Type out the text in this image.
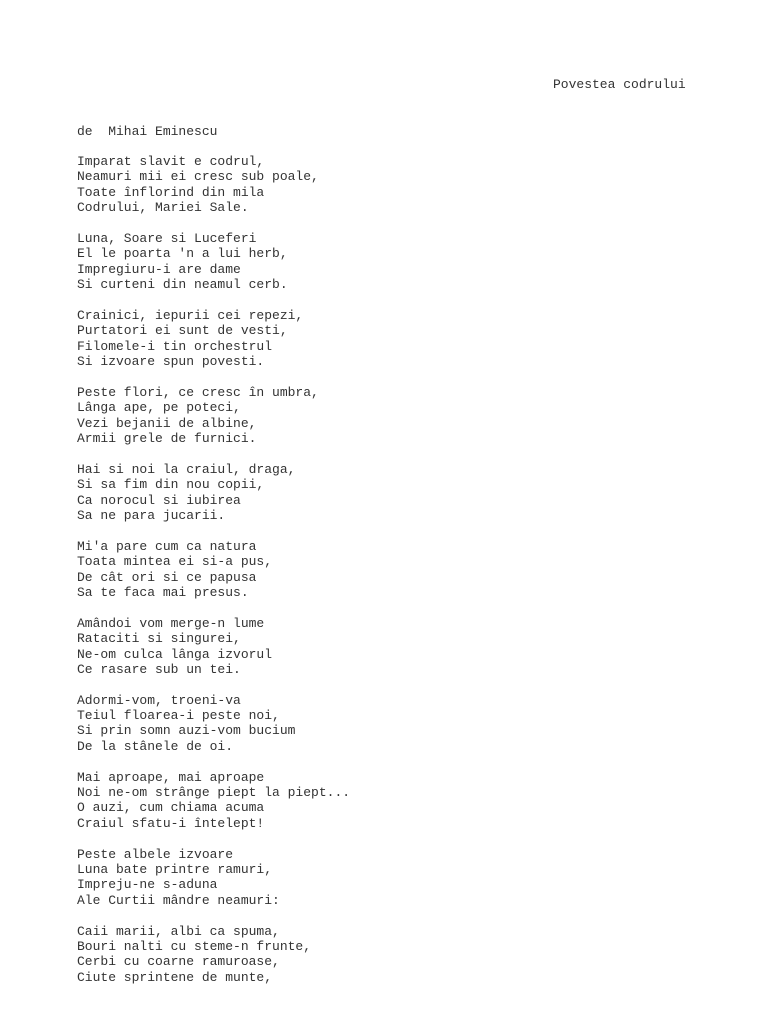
Povestea codrului
de  Mihai Eminescu
Imparat slavit e codrul,
Neamuri mii ei cresc sub poale,
Toate înflorind din mila
Codrului, Mariei Sale.
Luna, Soare si Luceferi
El le poarta 'n a lui herb,
Impregiuru-i are dame
Si curteni din neamul cerb.
Crainici, iepurii cei repezi,
Purtatori ei sunt de vesti,
Filomele-i tin orchestrul
Si izvoare spun povesti.
Peste flori, ce cresc în umbra,
Lânga ape, pe poteci,
Vezi bejanii de albine,
Armii grele de furnici.
Hai si noi la craiul, draga,
Si sa fim din nou copii,
Ca norocul si iubirea
Sa ne para jucarii.
Mi'a pare cum ca natura
Toata mintea ei si-a pus,
De cât ori si ce papusa
Sa te faca mai presus.
Amândoi vom merge-n lume
Rataciti si singurei,
Ne-om culca lânga izvorul
Ce rasare sub un tei.
Adormi-vom, troeni-va
Teiul floarea-i peste noi,
Si prin somn auzi-vom bucium
De la stânele de oi.
Mai aproape, mai aproape
Noi ne-om strânge piept la piept...
O auzi, cum chiama acuma
Craiul sfatu-i întelept!
Peste albele izvoare
Luna bate printre ramuri,
Impreju-ne s-aduna
Ale Curtii mândre neamuri:
Caii marii, albi ca spuma,
Bouri nalti cu steme-n frunte,
Cerbi cu coarne ramuroase,
Ciute sprintene de munte,
